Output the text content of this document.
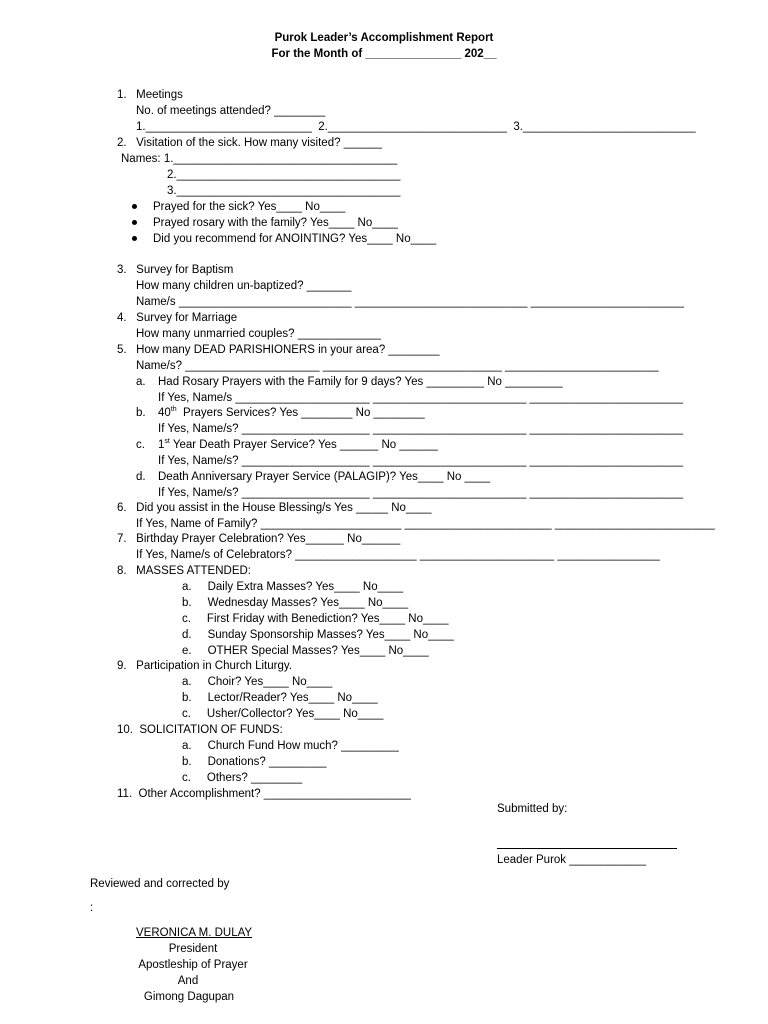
Purok Leader’s Accomplishment Report
For the Month of _______________ 202__
1.   Meetings
No. of meetings attended? ________
1.__________________________  2.____________________________  3.___________________________
2.   Visitation of the sick. How many visited? ______
Names: 1.___________________________________
2.___________________________________
3.___________________________________
Prayed for the sick? Yes____ No____
Prayed rosary with the family? Yes____ No____
Did you recommend for ANOINTING? Yes____ No____
3.   Survey for Baptism
How many children un-baptized? _______
Name/s ___________________________ ___________________________ ________________________
4.   Survey for Marriage
How many unmarried couples? _____________
5.   How many DEAD PARISHIONERS in your area? ________
Name/s? _____________________ ____________________________ ________________________
a. Had Rosary Prayers with the Family for 9 days? Yes _________ No _________
If Yes, Name/s _____________________ ________________________ ________________________
b. 40th  Prayers Services? Yes ________ No ________
If Yes, Name/s? ____________________ ________________________ ________________________
c. 1st Year Death Prayer Service? Yes ______ No ______
If Yes, Name/s? ____________________ ________________________ ________________________
d. Death Anniversary Prayer Service (PALAGIP)? Yes____ No ____
If Yes, Name/s? ____________________ ________________________ ________________________
6.   Did you assist in the House Blessing/s Yes _____ No____
If Yes, Name of Family? ______________________ _______________________ _________________________
7.   Birthday Prayer Celebration? Yes______ No______
If Yes, Name/s of Celebrators? ___________________ _____________________ ________________
8.   MASSES ATTENDED:
a.     Daily Extra Masses? Yes____ No____
b.     Wednesday Masses? Yes____ No____
c.     First Friday with Benediction? Yes____ No____
d.     Sunday Sponsorship Masses? Yes____ No____
e.     OTHER Special Masses? Yes____ No____
9.   Participation in Church Liturgy.
a.     Choir? Yes____ No____
b.     Lector/Reader? Yes____ No____
c.     Usher/Collector? Yes____ No____
10.  SOLICITATION OF FUNDS:
a.     Church Fund How much? _________
b.     Donations? _________
c.     Others? ________
11.  Other Accomplishment? _______________________
Submitted by:
Leader Purok ____________
Reviewed and corrected by
:
VERONICA M. DULAY
President
Apostleship of Prayer
And
Gimong Dagupan
